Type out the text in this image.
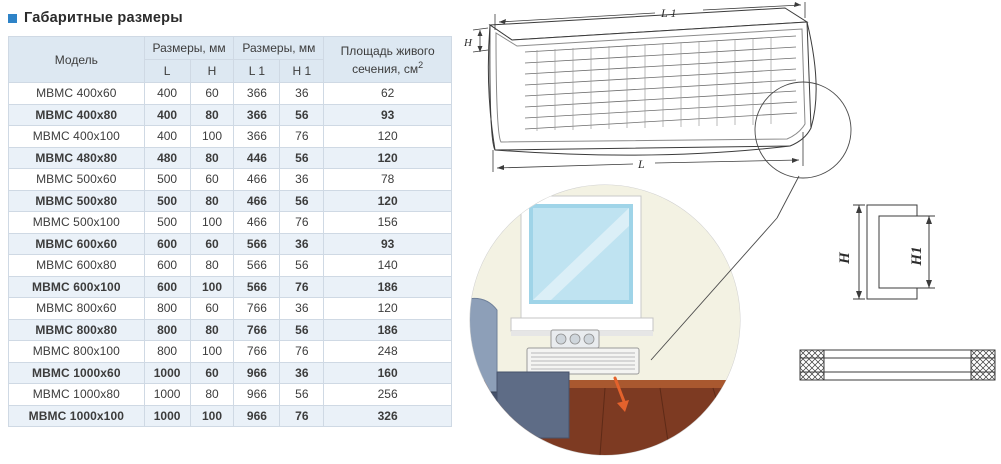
Габаритные размеры
Модель	Размеры, мм		Размеры, мм		Площадь живого сечения, $см^2$
	L	H	L 1	H 1	
МВМС 400х60	400	60	366	36	62
МВМС 400х80	400	80	366	56	93
МВМС 400х100	400	100	366	76	120
МВМС 480х80	480	80	446	56	120
МВМС 500х60	500	60	466	36	78
МВМС 500х80	500	80	466	56	120
МВМС 500х100	500	100	466	76	156
МВМС 600х60	600	60	566	36	93
МВМС 600х80	600	80	566	56	140
МВМС 600х100	600	100	566	76	186
МВМС 800х60	800	60	766	36	120
МВМС 800х80	800	80	766	56	186
МВМС 800х100	800	100	766	76	248
МВМС 1000х60	1000	60	966	36	160
МВМС 1000х80	1000	80	966	56	256
МВМС 1000х100	1000	100	966	76	326
L 1
H
L
H	H1
